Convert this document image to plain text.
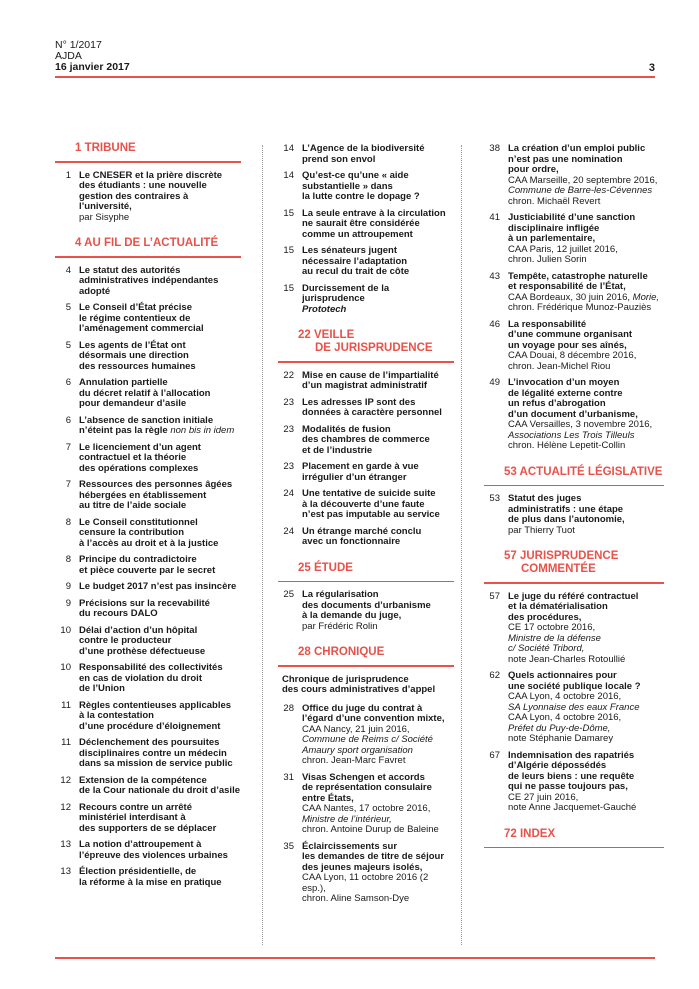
N° 1/2017
AJDA
16 janvier 2017	3
1 TRIBUNE
1 Le CNESER et la prière discrète
des étudiants : une nouvelle
gestion des contraires à
l’université,
par Sisyphe
4 AU FIL DE L’ACTUALITÉ
4 Le statut des autorités
administratives indépendantes
adopté
5 Le Conseil d’État précise
le régime contentieux de
l’aménagement commercial
5 Les agents de l’État ont
désormais une direction
des ressources humaines
6 Annulation partielle
du décret relatif à l’allocation
pour demandeur d’asile
6 L’absence de sanction initiale
n’éteint pas la règle non bis in idem
7 Le licenciement d’un agent
contractuel et la théorie
des opérations complexes
7 Ressources des personnes âgées
hébergées en établissement
au titre de l’aide sociale
8 Le Conseil constitutionnel
censure la contribution
à l’accès au droit et à la justice
8 Principe du contradictoire
et pièce couverte par le secret
9 Le budget 2017 n’est pas insincère
9 Précisions sur la recevabilité
du recours DALO
10 Délai d’action d’un hôpital
contre le producteur
d’une prothèse défectueuse
10 Responsabilité des collectivités
en cas de violation du droit
de l’Union
11 Règles contentieuses applicables
à la contestation
d’une procédure d’éloignement
11 Déclenchement des poursuites
disciplinaires contre un médecin
dans sa mission de service public
12 Extension de la compétence
de la Cour nationale du droit d’asile
12 Recours contre un arrêté
ministériel interdisant à
des supporters de se déplacer
13 La notion d’attroupement à
l’épreuve des violences urbaines
13 Élection présidentielle, de
la réforme à la mise en pratique
14 L’Agence de la biodiversité
prend son envol
14 Qu’est-ce qu’une « aide
substantielle » dans
la lutte contre le dopage ?
15 La seule entrave à la circulation
ne saurait être considérée
comme un attroupement
15 Les sénateurs jugent
nécessaire l’adaptation
au recul du trait de côte
15 Durcissement de la jurisprudence
Prototech
22 VEILLE
DE JURISPRUDENCE
22 Mise en cause de l’impartialité
d’un magistrat administratif
23 Les adresses IP sont des
données à caractère personnel
23 Modalités de fusion
des chambres de commerce
et de l’industrie
23 Placement en garde à vue
irrégulier d’un étranger
24 Une tentative de suicide suite
à la découverte d’une faute
n’est pas imputable au service
24 Un étrange marché conclu
avec un fonctionnaire
25 ÉTUDE
25 La régularisation
des documents d’urbanisme
à la demande du juge,
par Frédéric Rolin
28 CHRONIQUE
Chronique de jurisprudence
des cours administratives d’appel
28 Office du juge du contrat à
l’égard d’une convention mixte,
CAA Nancy, 21 juin 2016,
Commune de Reims c/ Société
Amaury sport organisation
chron. Jean-Marc Favret
31 Visas Schengen et accords
de représentation consulaire
entre États,
CAA Nantes, 17 octobre 2016,
Ministre de l’intérieur,
chron. Antoine Durup de Baleine
35 Éclaircissements sur
les demandes de titre de séjour
des jeunes majeurs isolés,
CAA Lyon, 11 octobre 2016 (2 esp.),
chron. Aline Samson-Dye
38 La création d’un emploi public
n’est pas une nomination
pour ordre,
CAA Marseille, 20 septembre 2016,
Commune de Barre-les-Cévennes
chron. Michaël Revert
41 Justiciabilité d’une sanction
disciplinaire infligée
à un parlementaire,
CAA Paris, 12 juillet 2016,
chron. Julien Sorin
43 Tempête, catastrophe naturelle
et responsabilité de l’État,
CAA Bordeaux, 30 juin 2016, Morie,
chron. Frédérique Munoz-Pauziès
46 La responsabilité
d’une commune organisant
un voyage pour ses aînés,
CAA Douai, 8 décembre 2016,
chron. Jean-Michel Riou
49 L’invocation d’un moyen
de légalité externe contre
un refus d’abrogation
d’un document d’urbanisme,
CAA Versailles, 3 novembre 2016,
Associations Les Trois Tilleuls
chron. Hélène Lepetit-Collin
53 ACTUALITÉ LÉGISLATIVE
53 Statut des juges
administratifs : une étape
de plus dans l’autonomie,
par Thierry Tuot
57 JURISPRUDENCE
COMMENTÉE
57 Le juge du référé contractuel
et la dématérialisation
des procédures,
CE 17 octobre 2016,
Ministre de la défense
c/ Société Tribord,
note Jean-Charles Rotoullié
62 Quels actionnaires pour
une société publique locale ?
CAA Lyon, 4 octobre 2016,
SA Lyonnaise des eaux France
CAA Lyon, 4 octobre 2016,
Préfet du Puy-de-Dôme,
note Stéphanie Damarey
67 Indemnisation des rapatriés
d’Algérie dépossédés
de leurs biens : une requête
qui ne passe toujours pas,
CE 27 juin 2016,
note Anne Jacquemet-Gauché
72 INDEX
